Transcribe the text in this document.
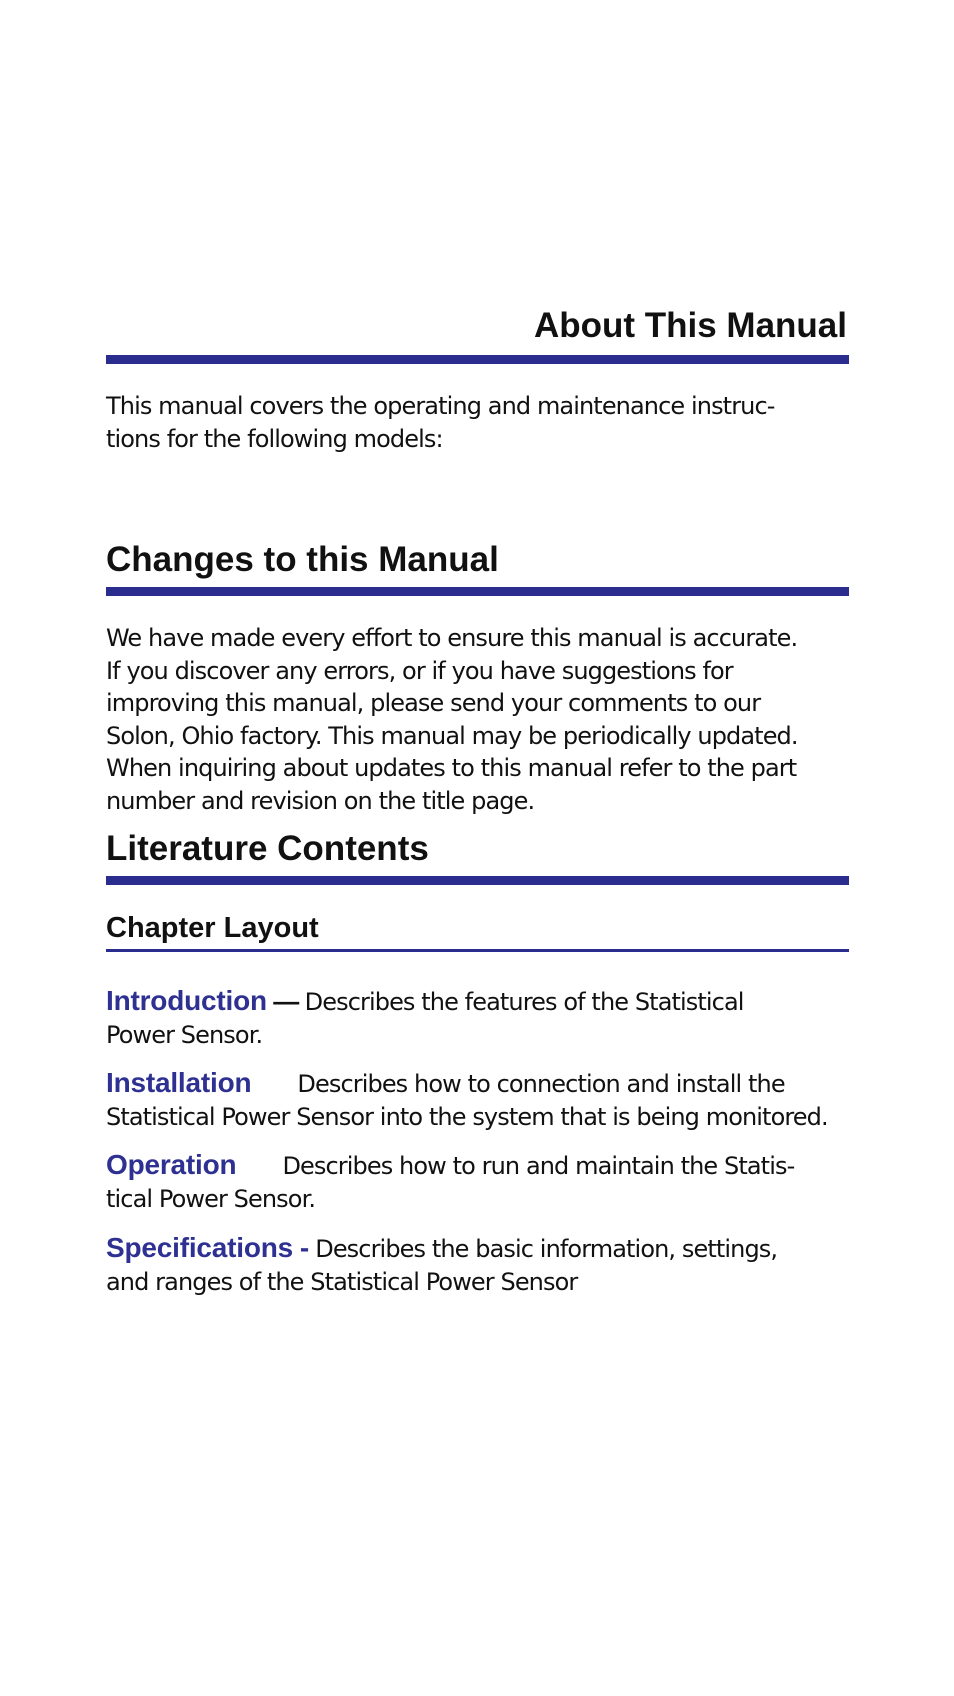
About This Manual

This manual covers the operating and maintenance instruc-

tions for the following models:

Changes to this Manual

We have made every effort to ensure this manual is accurate.

If you discover any errors, or if you have suggestions for

improving this manual, please send your comments to our

Solon, Ohio factory. This manual may be periodically updated.

When inquiring about updates to this manual refer to the part

number and revision on the title page.

Literature Contents
Chapter Layout

Introduction — Describes the features of the Statistical

Power Sensor.

Installation Describes how to connection and install the

Statistical Power Sensor into the system that is being monitored.

Operation Describes how to run and maintain the Statis-

tical Power Sensor.

Specifications - Describes the basic information, settings,

and ranges of the Statistical Power Sensor
